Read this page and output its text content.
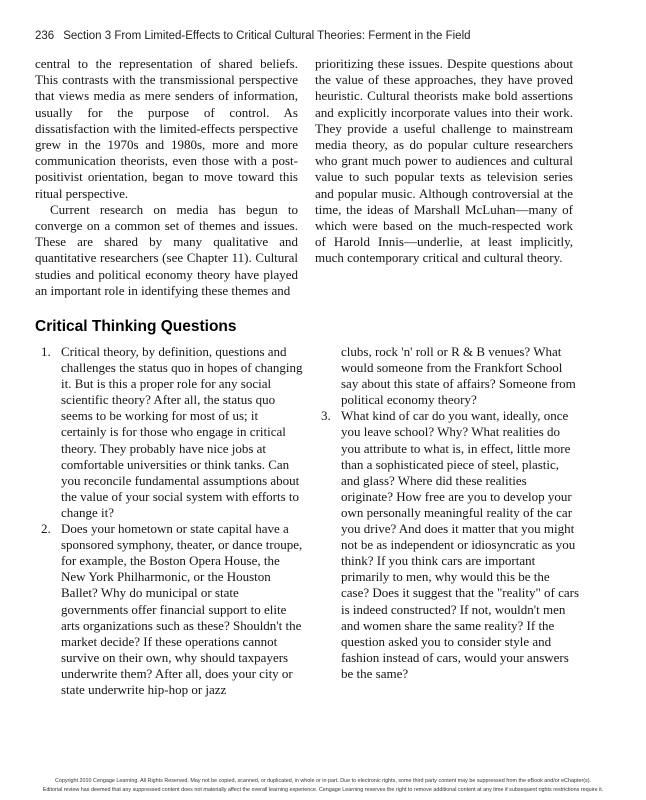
236 Section 3 From Limited-Effects to Critical Cultural Theories: Ferment in the Field

central to the representation of shared beliefs. This contrasts with the transmissional perspective that views media as mere senders of information, usually for the purpose of control. As dissatisfaction with the limited-effects perspective grew in the 1970s and 1980s, more and more communication theorists, even those with a post-positivist orientation, began to move toward this ritual perspective.

Current research on media has begun to converge on a common set of themes and issues. These are shared by many qualitative and quantitative researchers (see Chapter 11). Cultural studies and political economy theory have played an important role in identifying these themes and

prioritizing these issues. Despite questions about the value of these approaches, they have proved heuristic. Cultural theorists make bold assertions and explicitly incorporate values into their work. They provide a useful challenge to mainstream media theory, as do popular culture researchers who grant much power to audiences and cultural value to such popular texts as television series and popular music. Although controversial at the time, the ideas of Marshall McLuhan—many of which were based on the much-respected work of Harold Innis—underlie, at least implicitly, much contemporary critical and cultural theory.

Critical Thinking Questions
1. Critical theory, by definition, questions and challenges the status quo in hopes of changing it. But is this a proper role for any social scientific theory? After all, the status quo seems to be working for most of us; it certainly is for those who engage in critical theory. They probably have nice jobs at comfortable universities or think tanks. Can you reconcile fundamental assumptions about the value of your social system with efforts to change it?
2. Does your hometown or state capital have a sponsored symphony, theater, or dance troupe, for example, the Boston Opera House, the New York Philharmonic, or the Houston Ballet? Why do municipal or state governments offer financial support to elite arts organizations such as these? Shouldn't the market decide? If these operations cannot survive on their own, why should taxpayers underwrite them? After all, does your city or state underwrite hip-hop or jazz
clubs, rock 'n' roll or R & B venues? What would someone from the Frankfort School say about this state of affairs? Someone from political economy theory?
3. What kind of car do you want, ideally, once you leave school? Why? What realities do you attribute to what is, in effect, little more than a sophisticated piece of steel, plastic, and glass? Where did these realities originate? How free are you to develop your own personally meaningful reality of the car you drive? And does it matter that you might not be as independent or idiosyncratic as you think? If you think cars are important primarily to men, why would this be the case? Does it suggest that the "reality" of cars is indeed constructed? If not, wouldn't men and women share the same reality? If the question asked you to consider style and fashion instead of cars, would your answers be the same?
Copyright 2010 Cengage Learning. All Rights Reserved. May not be copied, scanned, or duplicated, in whole or in part. Due to electronic rights, some third party content may be suppressed from the eBook and/or eChapter(s).
Editorial review has deemed that any suppressed content does not materially affect the overall learning experience. Cengage Learning reserves the right to remove additional content at any time if subsequent rights restrictions require it.
